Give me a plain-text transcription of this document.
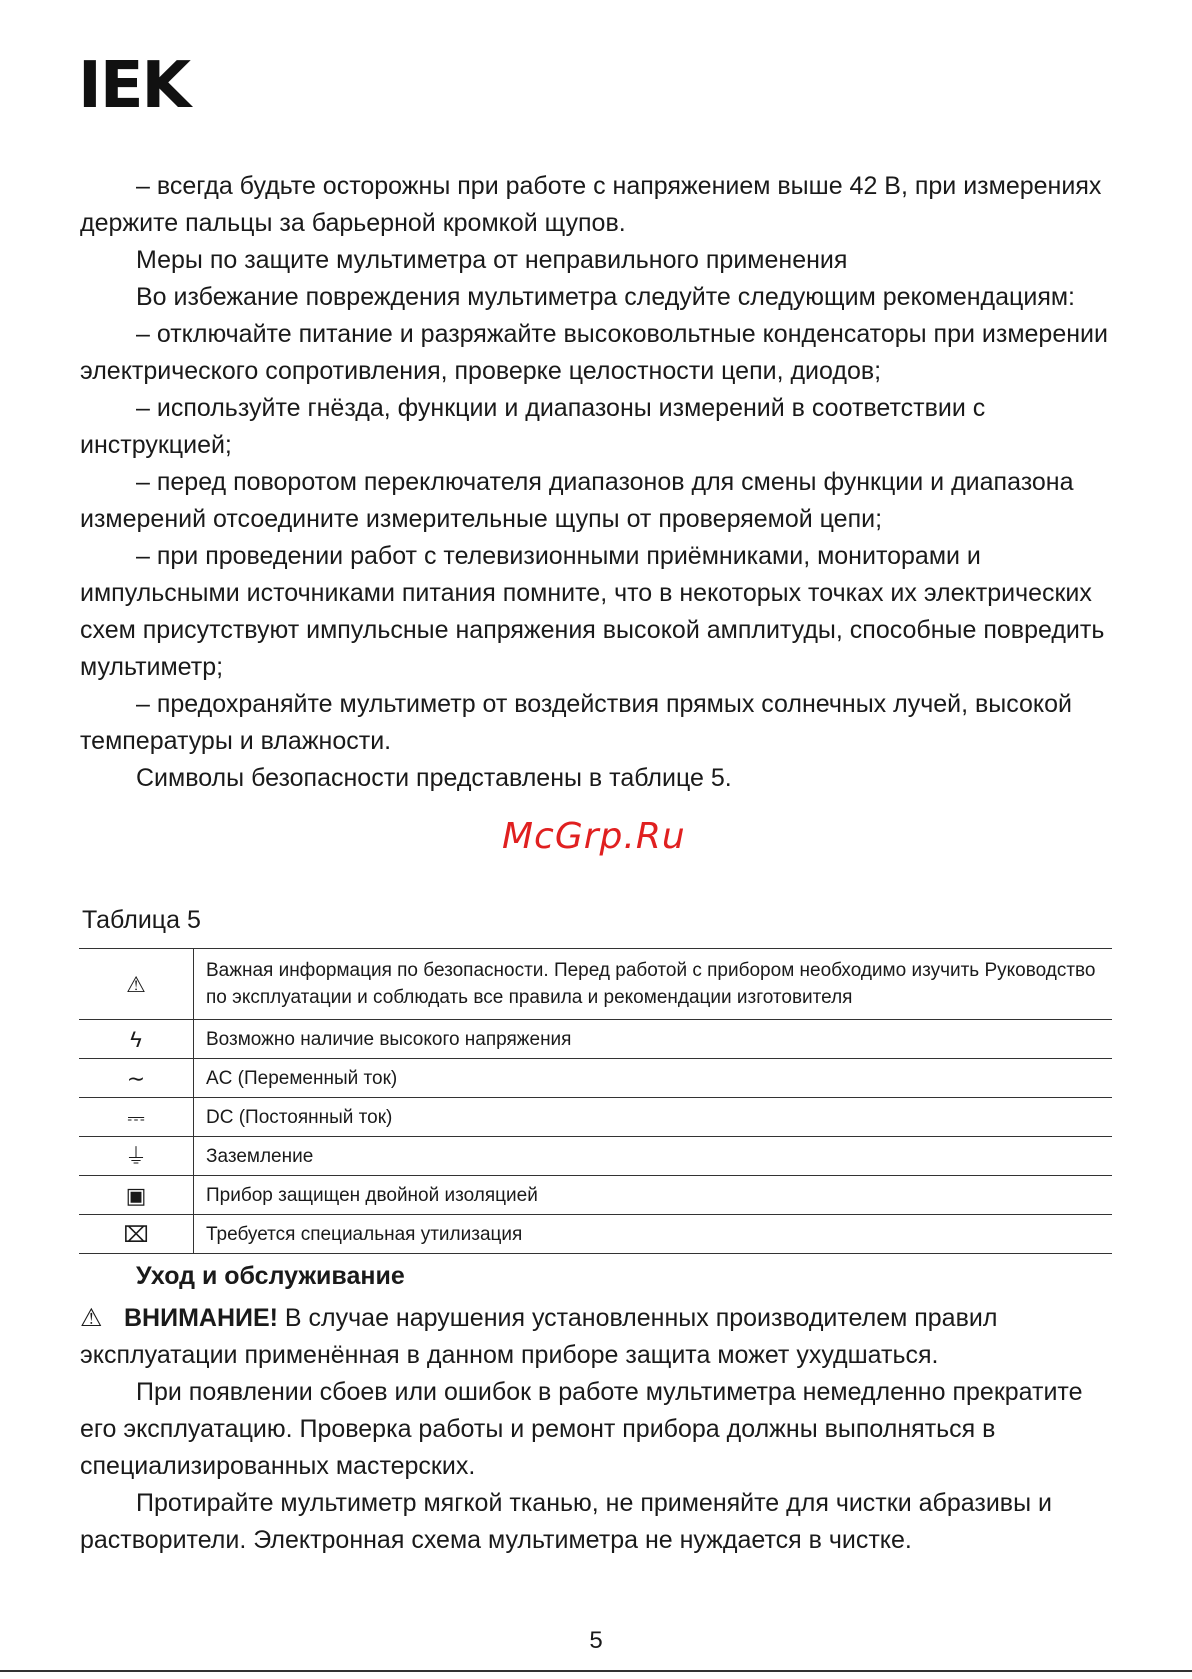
IEK

– всегда будьте осторожны при работе с напряжением выше 42 В, при измерениях держите пальцы за барьерной кромкой щупов.

Меры по защите мультиметра от неправильного применения

Во избежание повреждения мультиметра следуйте следующим рекомендациям:

– отключайте питание и разряжайте высоковольтные конденсаторы при измерении электрического сопротивления, проверке целостности цепи, диодов;

– используйте гнёзда, функции и диапазоны измерений в соответствии с инструкцией;

– перед поворотом переключателя диапазонов для смены функции и диапазона измерений отсоедините измерительные щупы от проверяемой цепи;

– при проведении работ с телевизионными приёмниками, мониторами и импульсными источниками питания помните, что в некоторых точках их электрических схем присутствуют импульсные напряжения высокой амплитуды, способные повредить мультиметр;

– предохраняйте мультиметр от воздействия прямых солнечных лучей, высокой температуры и влажности.

Символы безопасности представлены в таблице 5.

McGrp.Ru
Таблица 5
⚠	Важная информация по безопасности. Перед работой с прибором необходимо изучить Руководство по эксплуатации и соблюдать все правила и рекомендации изготовителя
ϟ	Возможно наличие высокого напряжения
∼	AC (Переменный ток)
⎓	DC (Постоянный ток)
⏚	Заземление
▣	Прибор защищен двойной изоляцией
⌧	Требуется специальная утилизация
Уход и обслуживание

⚠ ВНИМАНИЕ! В случае нарушения установленных производителем правил эксплуатации применённая в данном приборе защита может ухудшаться.

При появлении сбоев или ошибок в работе мультиметра немедленно прекратите его эксплуатацию. Проверка работы и ремонт прибора должны выполняться в специализированных мастерских.

Протирайте мультиметр мягкой тканью, не применяйте для чистки абразивы и растворители. Электронная схема мультиметра не нуждается в чистке.

5
